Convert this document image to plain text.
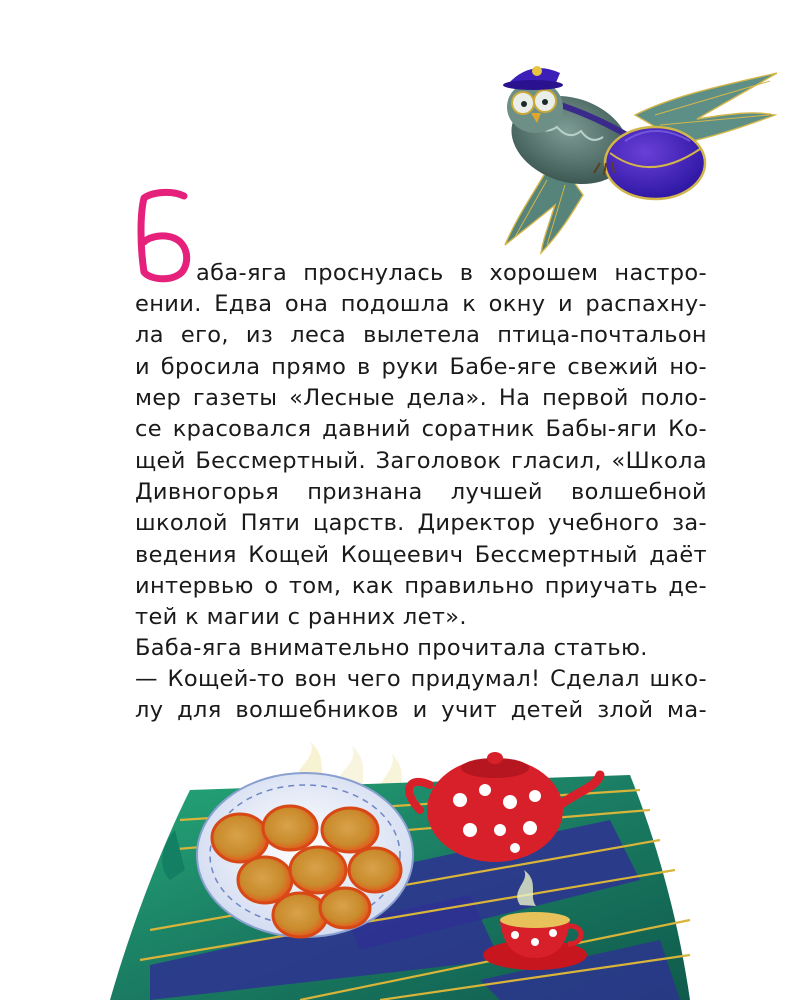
аба-яга проснулась в хорошем настро-
ении. Едва она подошла к окну и распахну-
ла его, из леса вылетела птица-почтальон
и бросила прямо в руки Бабе-яге свежий но-
мер газеты «Лесные дела». На первой поло-
се красовался давний соратник Бабы-яги Ко-
щей Бессмертный. Заголовок гласил, «Школа
Дивногорья признана лучшей волшебной
школой Пяти царств. Директор учебного за-
ведения Кощей Кощеевич Бессмертный даёт
интервью о том, как правильно приучать де-
тей к магии с ранних лет».
Баба-яга внимательно прочитала статью.
— Кощей-то вон чего придумал! Сделал шко-
лу для волшебников и учит детей злой ма-
